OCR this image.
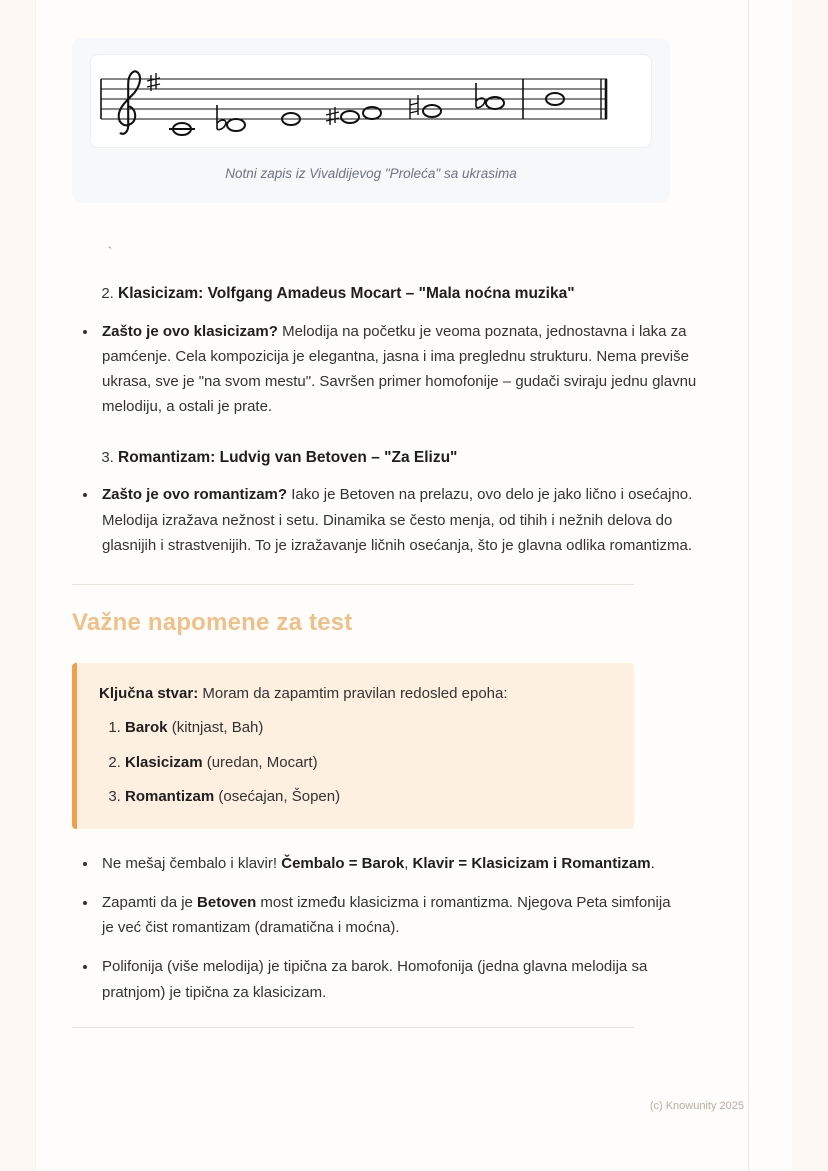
Notni zapis iz Vivaldijevog "Proleća" sa ukrasima
`
2. Klasicizam: Volfgang Amadeus Mocart – "Mala noćna muzika"
• Zašto je ovo klasicizam? Melodija na početku je veoma poznata, jednostavna i laka za pamćenje. Cela kompozicija je elegantna, jasna i ima preglednu strukturu. Nema previše ukrasa, sve je "na svom mestu". Savršen primer homofonije – gudači sviraju jednu glavnu melodiju, a ostali je prate.
3. Romantizam: Ludvig van Betoven – "Za Elizu"
• Zašto je ovo romantizam? Iako je Betoven na prelazu, ovo delo je jako lično i osećajno. Melodija izražava nežnost i setu. Dinamika se često menja, od tihih i nežnih delova do glasnijih i strastvenijih. To je izražavanje ličnih osećanja, što je glavna odlika romantizma.
Važne napomene za test
Ključna stvar: Moram da zapamtim pravilan redosled epoha:
1. Barok (kitnjast, Bah)
2. Klasicizam (uredan, Mocart)
3. Romantizam (osećajan, Šopen)
• Ne mešaj čembalo i klavir! Čembalo = Barok, Klavir = Klasicizam i Romantizam.
• Zapamti da je Betoven most između klasicizma i romantizma. Njegova Peta simfonija je već čist romantizam (dramatična i moćna).
• Polifonija (više melodija) je tipična za barok. Homofonija (jedna glavna melodija sa pratnjom) je tipična za klasicizam.
(c) Knowunity 2025
